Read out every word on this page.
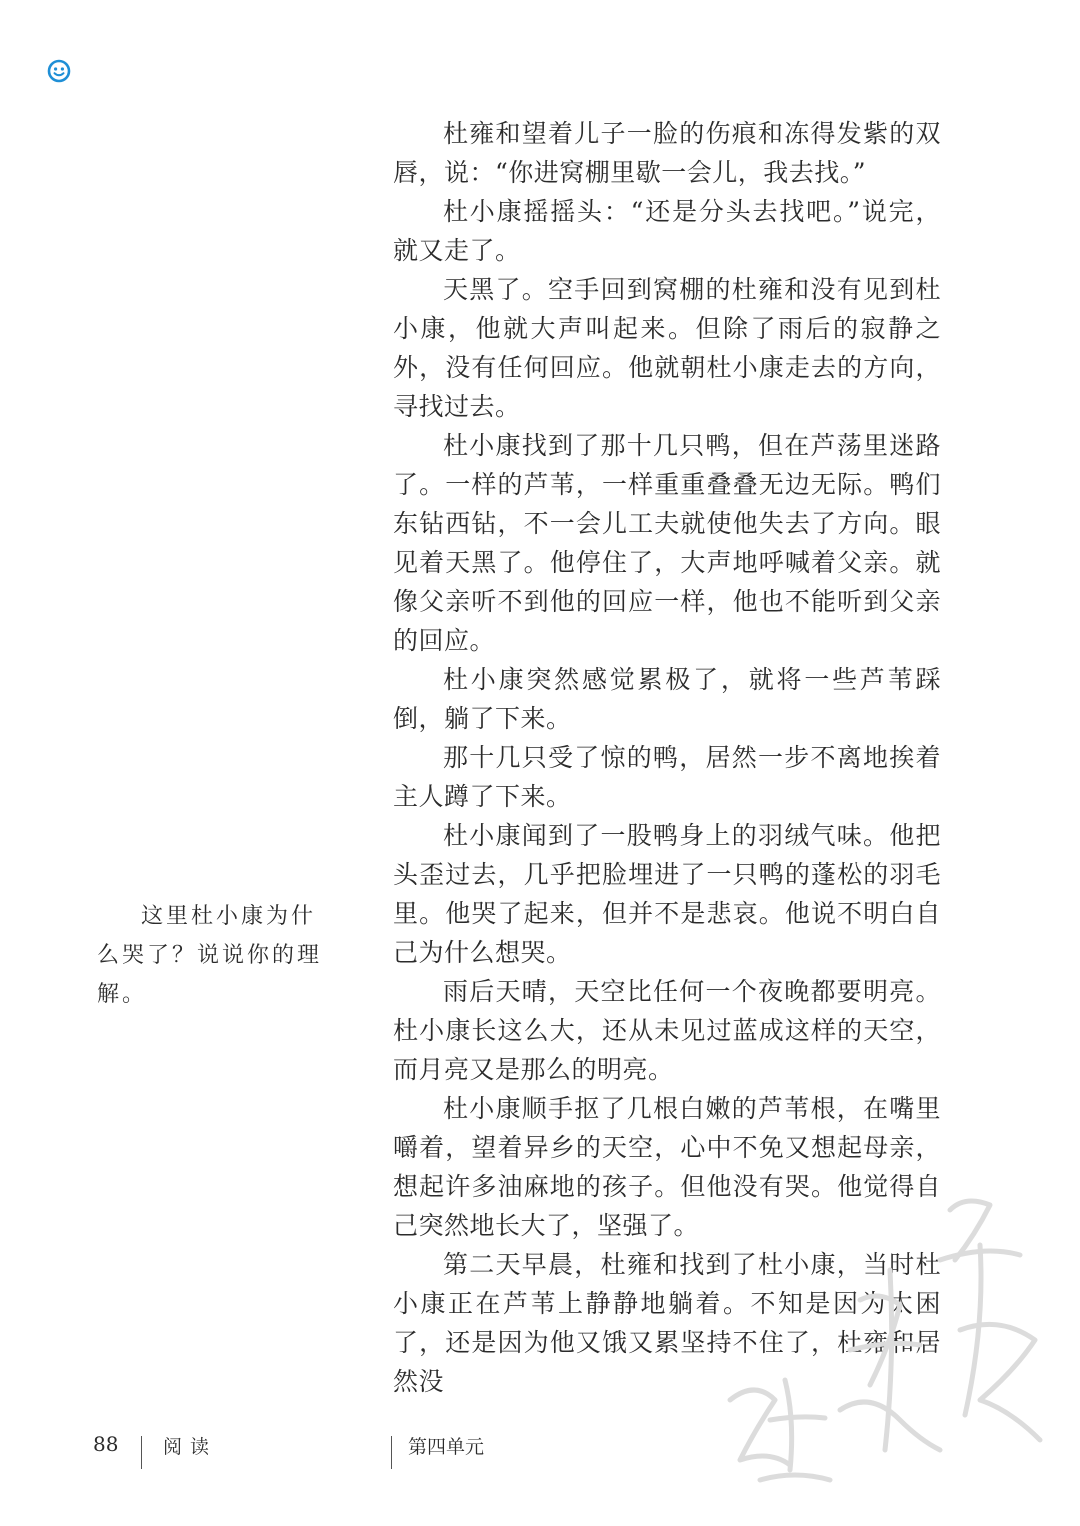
杜雍和望着儿子一脸的伤痕和冻得发紫的双唇，说：“你进窝棚里歇一会儿，我去找。”

杜小康摇摇头：“还是分头去找吧。”说完，就又走了。

天黑了。空手回到窝棚的杜雍和没有见到杜小康，他就大声叫起来。但除了雨后的寂静之外，没有任何回应。他就朝杜小康走去的方向，寻找过去。

杜小康找到了那十几只鸭，但在芦荡里迷路了。一样的芦苇，一样重重叠叠无边无际。鸭们东钻西钻，不一会儿工夫就使他失去了方向。眼见着天黑了。他停住了，大声地呼喊着父亲。就像父亲听不到他的回应一样，他也不能听到父亲的回应。

杜小康突然感觉累极了，就将一些芦苇踩倒，躺了下来。

那十几只受了惊的鸭，居然一步不离地挨着主人蹲了下来。

杜小康闻到了一股鸭身上的羽绒气味。他把头歪过去，几乎把脸埋进了一只鸭的蓬松的羽毛里。他哭了起来，但并不是悲哀。他说不明白自己为什么想哭。

雨后天晴，天空比任何一个夜晚都要明亮。杜小康长这么大，还从未见过蓝成这样的天空，而月亮又是那么的明亮。

杜小康顺手抠了几根白嫩的芦苇根，在嘴里嚼着，望着异乡的天空，心中不免又想起母亲，想起许多油麻地的孩子。但他没有哭。他觉得自己突然地长大了，坚强了。

第二天早晨，杜雍和找到了杜小康，当时杜小康正在芦苇上静静地躺着。不知是因为太困了，还是因为他又饿又累坚持不住了，杜雍和居然没

这里杜小康为什么哭了？说说你的理解。
88 阅读	第四单元
